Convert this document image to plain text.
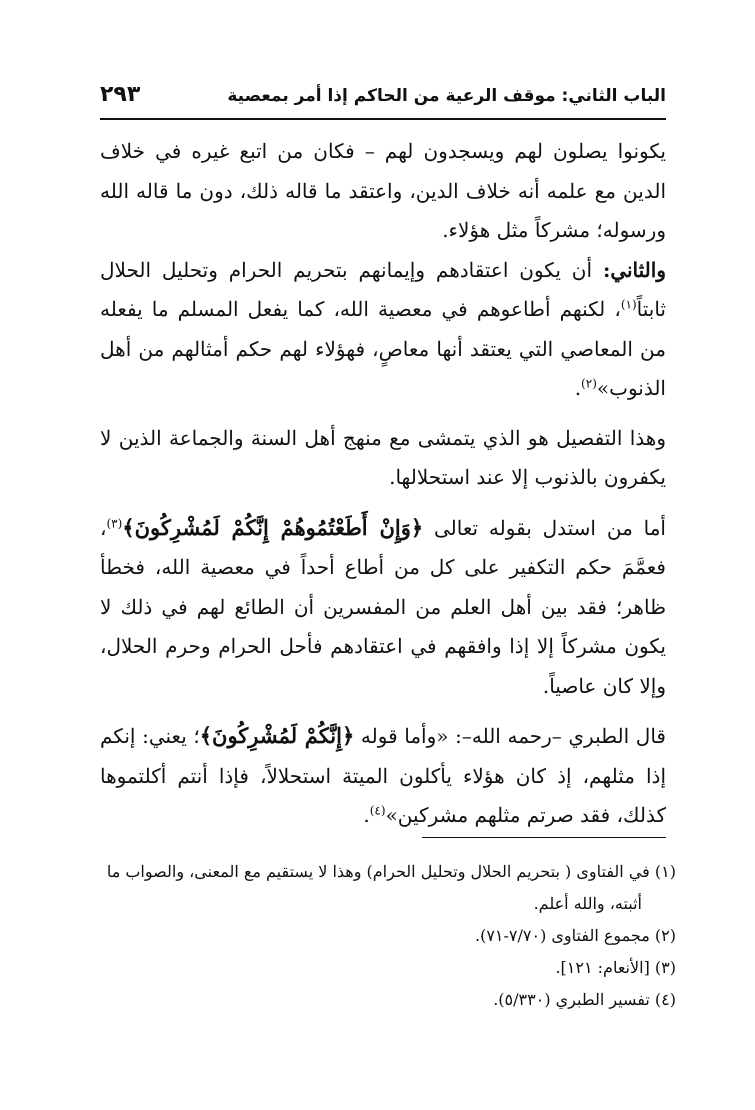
الباب الثاني: موقف الرعية من الحاكم إذا أمر بمعصية
٢٩٣

يكونوا يصلون لهم ويسجدون لهم – فكان من اتبع غيره في خلاف الدين مع علمه أنه خلاف الدين، واعتقد ما قاله ذلك، دون ما قاله الله ورسوله؛ مشركاً مثل هؤلاء.

والثاني: أن يكون اعتقادهم وإيمانهم بتحريم الحرام وتحليل الحلال ثابتاً$^{(١)}$، لكنهم أطاعوهم في معصية الله، كما يفعل المسلم ما يفعله من المعاصي التي يعتقد أنها معاصٍ، فهؤلاء لهم حكم أمثالهم من أهل الذنوب»$^{(٢)}$.

وهذا التفصيل هو الذي يتمشى مع منهج أهل السنة والجماعة الذين لا يكفرون بالذنوب إلا عند استحلالها.

أما من استدل بقوله تعالى ﴿وَإِنْ أَطَعْتُمُوهُمْ إِنَّكُمْ لَمُشْرِكُونَ﴾$^{(٣)}$، فعمَّمَ حكم التكفير على كل من أطاع أحداً في معصية الله، فخطأ ظاهر؛ فقد بين أهل العلم من المفسرين أن الطائع لهم في ذلك لا يكون مشركاً إلا إذا وافقهم في اعتقادهم فأحل الحرام وحرم الحلال، وإلا كان عاصياً.

قال الطبري –رحمه الله–: «وأما قوله ﴿إِنَّكُمْ لَمُشْرِكُونَ﴾؛ يعني: إنكم إذا مثلهم، إذ كان هؤلاء يأكلون الميتة استحلالاً، فإذا أنتم أكلتموها كذلك، فقد صرتم مثلهم مشركين»$^{(٤)}$.

(١) في الفتاوى ( بتحريم الحلال وتحليل الحرام) وهذا لا يستقيم مع المعنى، والصواب ما

أثبته، والله أعلم.

(٢) مجموع الفتاوى (٧/٧٠-٧١).

(٣) [الأنعام: ١٢١].

(٤) تفسير الطبري (٥/٣٣٠).
